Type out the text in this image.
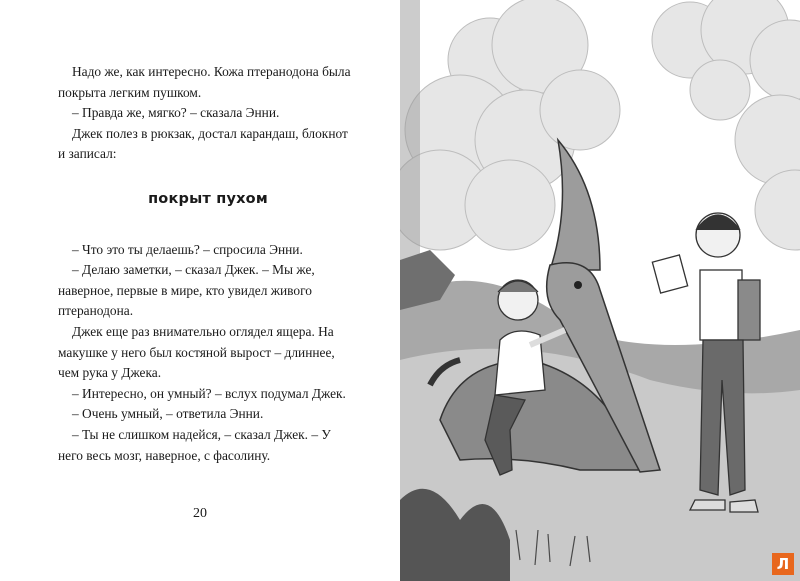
Надо же, как интересно. Кожа птеранодона была покрыта легким пушком.

– Правда же, мягко? – сказала Энни.

Джек полез в рюкзак, достал карандаш, блокнот и записал:

покрыт пухом

– Что это ты делаешь? – спросила Энни.

– Делаю заметки, – сказал Джек. – Мы же, наверное, первые в мире, кто увидел живого птеранодона.

Джек еще раз внимательно оглядел ящера. На макушке у него был костяной вырост – длиннее, чем рука у Джека.

– Интересно, он умный? – вслух подумал Джек.

– Очень умный, – ответила Энни.

– Ты не слишком надейся, – сказал Джек. – У него весь мозг, наверное, с фасолину.

20
Л
